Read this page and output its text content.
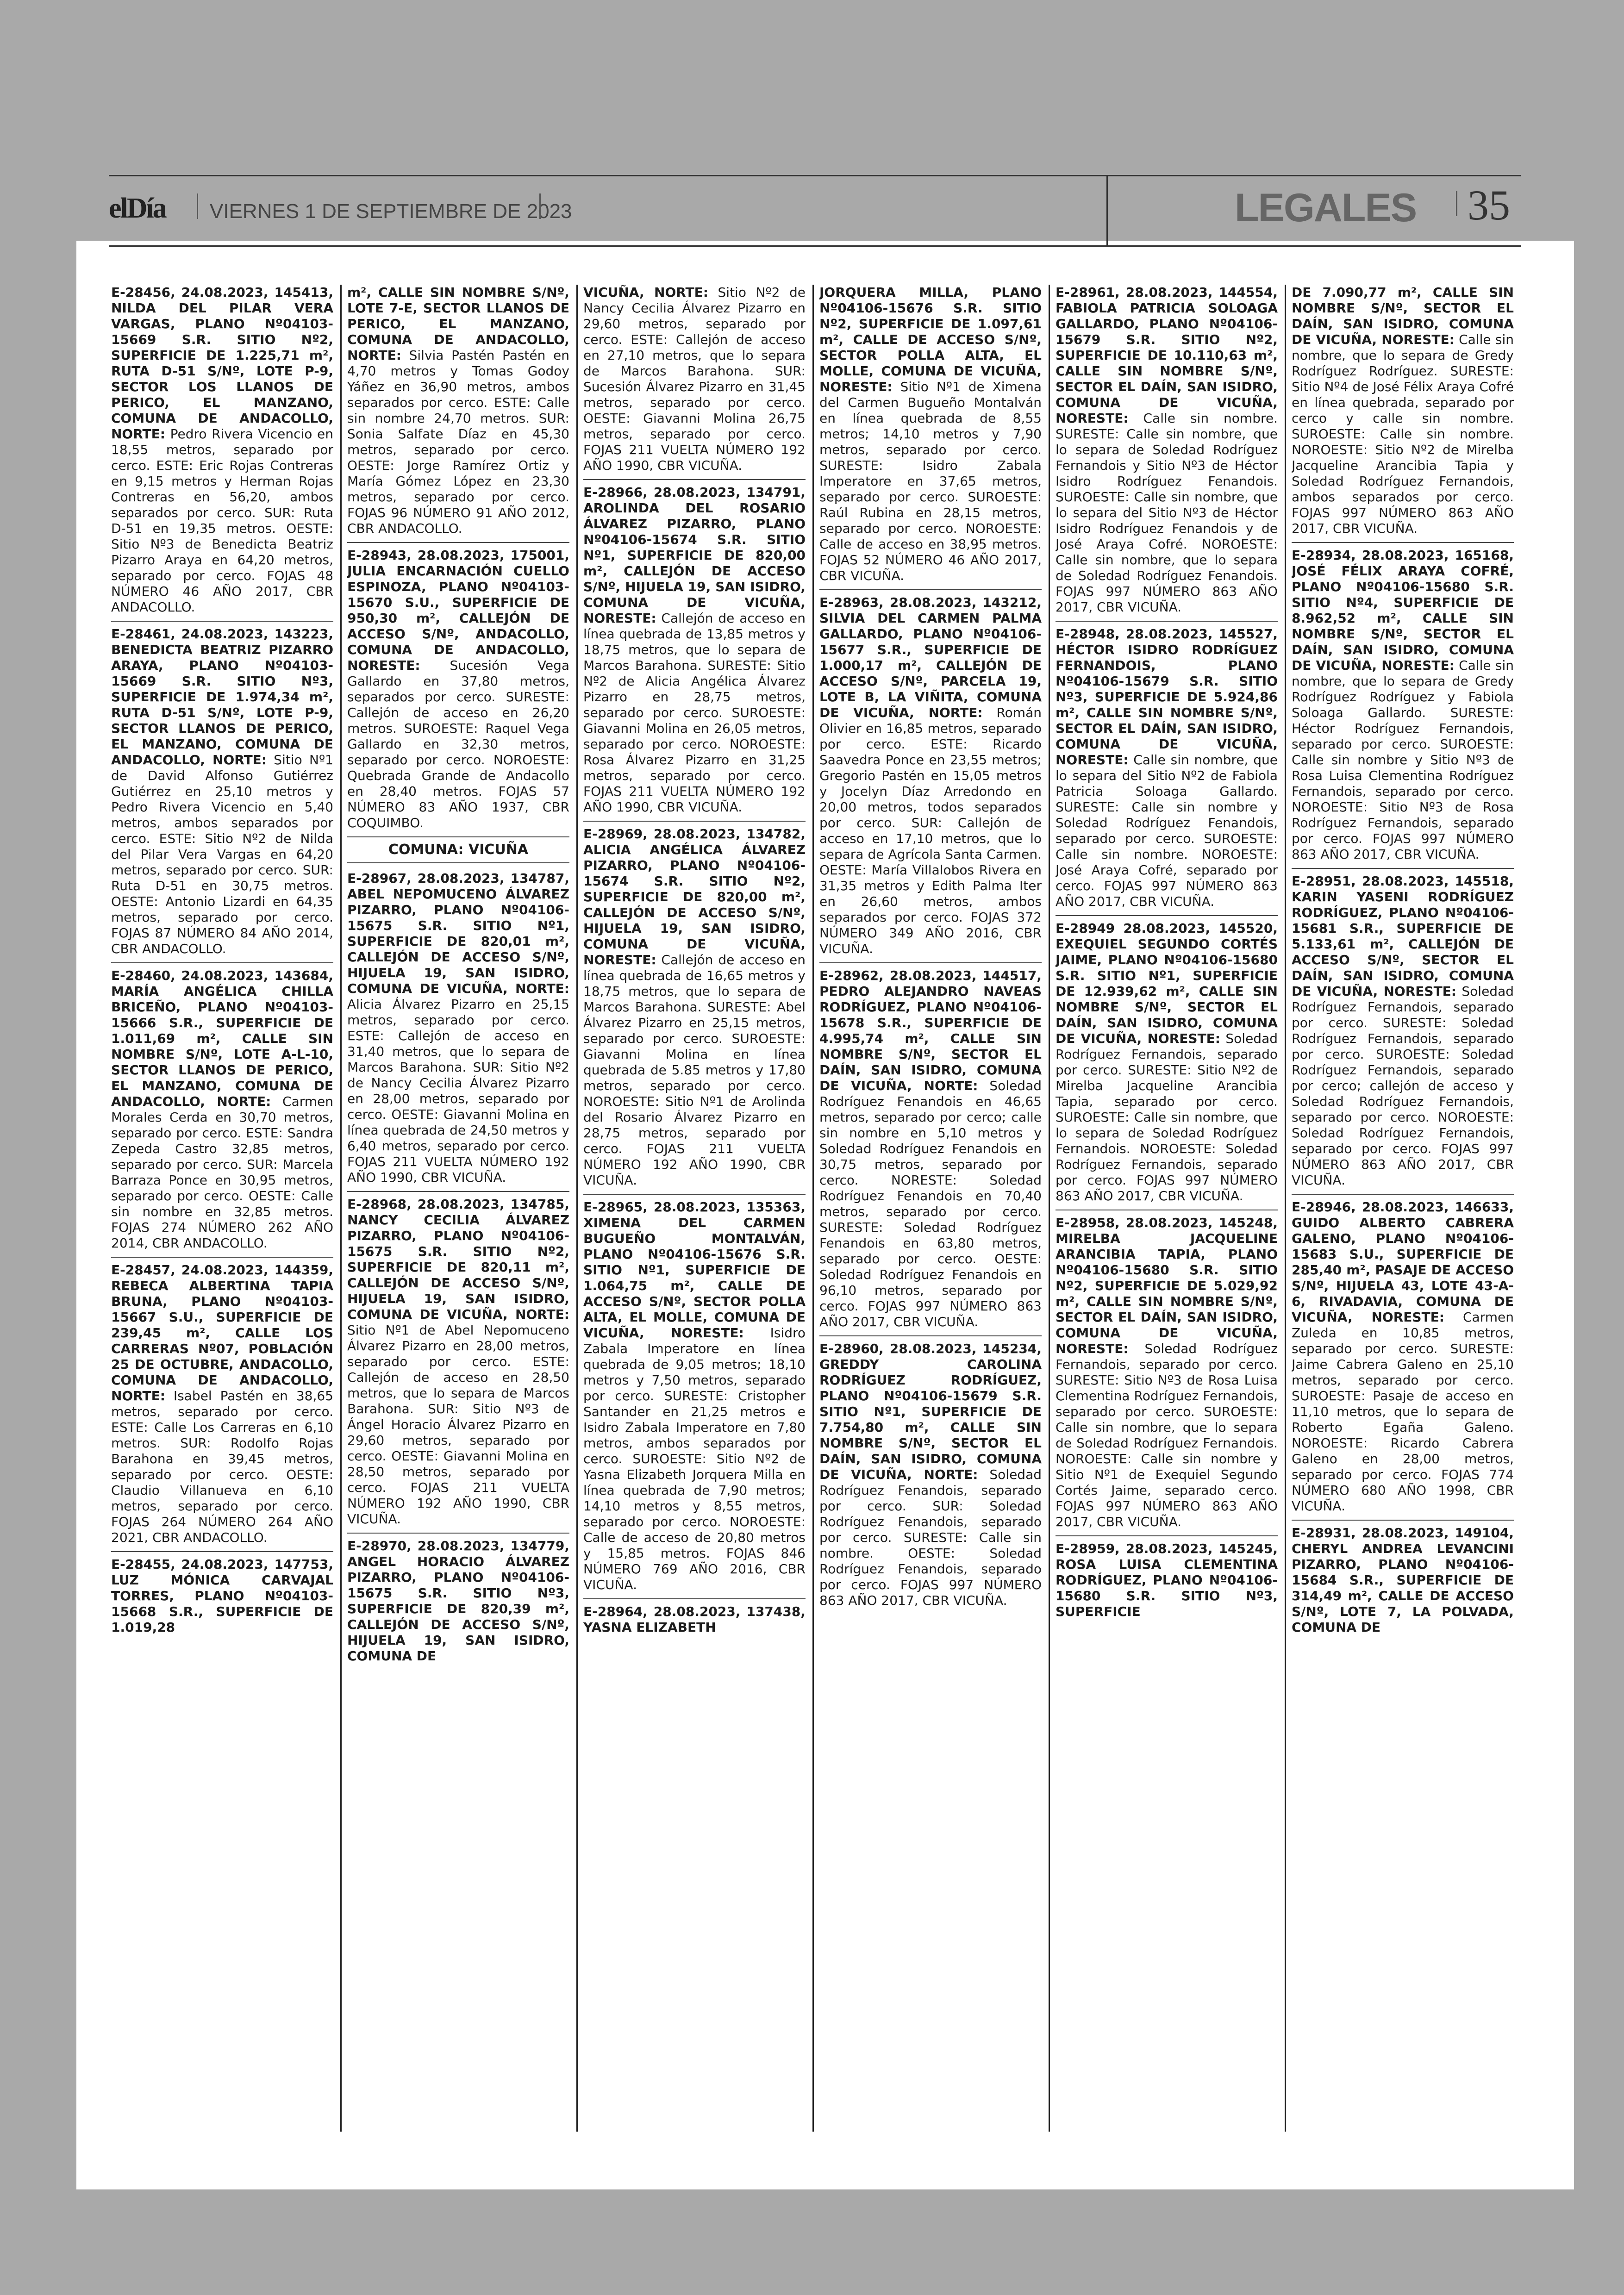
elDía VIERNES 1 DE SEPTIEMBRE DE 2023	LEGALES 35
E-28456, 24.08.2023, 145413, NILDA DEL PILAR VERA VARGAS, PLANO Nº04103-15669 S.R. SITIO Nº2, SUPERFICIE DE 1.225,71 m², RUTA D-51 S/Nº, LOTE P-9, SECTOR LOS LLANOS DE PERICO, EL MANZANO, COMUNA DE ANDACOLLO, NORTE: Pedro Rivera Vicencio en 18,55 metros, separado por cerco. ESTE: Eric Rojas Contreras en 9,15 metros y Herman Rojas Contreras en 56,20, ambos separados por cerco. SUR: Ruta D-51 en 19,35 metros. OESTE: Sitio Nº3 de Benedicta Beatriz Pizarro Araya en 64,20 metros, separado por cerco. FOJAS 48 NÚMERO 46 AÑO 2017, CBR ANDACOLLO.
E-28461, 24.08.2023, 143223, BENEDICTA BEATRIZ PIZARRO ARAYA, PLANO Nº04103-15669 S.R. SITIO Nº3, SUPERFICIE DE 1.974,34 m², RUTA D-51 S/Nº, LOTE P-9, SECTOR LLANOS DE PERICO, EL MANZANO, COMUNA DE ANDACOLLO, NORTE: Sitio Nº1 de David Alfonso Gutiérrez Gutiérrez en 25,10 metros y Pedro Rivera Vicencio en 5,40 metros, ambos separados por cerco. ESTE: Sitio Nº2 de Nilda del Pilar Vera Vargas en 64,20 metros, separado por cerco. SUR: Ruta D-51 en 30,75 metros. OESTE: Antonio Lizardi en 64,35 metros, separado por cerco. FOJAS 87 NÚMERO 84 AÑO 2014, CBR ANDACOLLO.
E-28460, 24.08.2023, 143684, MARÍA ANGÉLICA CHILLA BRICEÑO, PLANO Nº04103-15666 S.R., SUPERFICIE DE 1.011,69 m², CALLE SIN NOMBRE S/Nº, LOTE A-L-10, SECTOR LLANOS DE PERICO, EL MANZANO, COMUNA DE ANDACOLLO, NORTE: Carmen Morales Cerda en 30,70 metros, separado por cerco. ESTE: Sandra Zepeda Castro 32,85 metros, separado por cerco. SUR: Marcela Barraza Ponce en 30,95 metros, separado por cerco. OESTE: Calle sin nombre en 32,85 metros. FOJAS 274 NÚMERO 262 AÑO 2014, CBR ANDACOLLO.
E-28457, 24.08.2023, 144359, REBECA ALBERTINA TAPIA BRUNA, PLANO Nº04103-15667 S.U., SUPERFICIE DE 239,45 m², CALLE LOS CARRERAS Nº07, POBLACIÓN 25 DE OCTUBRE, ANDACOLLO, COMUNA DE ANDACOLLO, NORTE: Isabel Pastén en 38,65 metros, separado por cerco. ESTE: Calle Los Carreras en 6,10 metros. SUR: Rodolfo Rojas Barahona en 39,45 metros, separado por cerco. OESTE: Claudio Villanueva en 6,10 metros, separado por cerco. FOJAS 264 NÚMERO 264 AÑO 2021, CBR ANDACOLLO.
E-28455, 24.08.2023, 147753, LUZ MÓNICA CARVAJAL TORRES, PLANO Nº04103-15668 S.R., SUPERFICIE DE 1.019,28
m², CALLE SIN NOMBRE S/Nº, LOTE 7-E, SECTOR LLANOS DE PERICO, EL MANZANO, COMUNA DE ANDACOLLO, NORTE: Silvia Pastén Pastén en 4,70 metros y Tomas Godoy Yáñez en 36,90 metros, ambos separados por cerco. ESTE: Calle sin nombre 24,70 metros. SUR: Sonia Salfate Díaz en 45,30 metros, separado por cerco. OESTE: Jorge Ramírez Ortiz y María Gómez López en 23,30 metros, separado por cerco. FOJAS 96 NÚMERO 91 AÑO 2012, CBR ANDACOLLO.
E-28943, 28.08.2023, 175001, JULIA ENCARNACIÓN CUELLO ESPINOZA, PLANO Nº04103-15670 S.U., SUPERFICIE DE 950,30 m², CALLEJÓN DE ACCESO S/Nº, ANDACOLLO, COMUNA DE ANDACOLLO, NORESTE: Sucesión Vega Gallardo en 37,80 metros, separados por cerco. SURESTE: Callejón de acceso en 26,20 metros. SUROESTE: Raquel Vega Gallardo en 32,30 metros, separado por cerco. NOROESTE: Quebrada Grande de Andacollo en 28,40 metros. FOJAS 57 NÚMERO 83 AÑO 1937, CBR COQUIMBO.
COMUNA: VICUÑA
E-28967, 28.08.2023, 134787, ABEL NEPOMUCENO ÁLVAREZ PIZARRO, PLANO Nº04106-15675 S.R. SITIO Nº1, SUPERFICIE DE 820,01 m², CALLEJÓN DE ACCESO S/Nº, HIJUELA 19, SAN ISIDRO, COMUNA DE VICUÑA, NORTE: Alicia Álvarez Pizarro en 25,15 metros, separado por cerco. ESTE: Callejón de acceso en 31,40 metros, que lo separa de Marcos Barahona. SUR: Sitio Nº2 de Nancy Cecilia Álvarez Pizarro en 28,00 metros, separado por cerco. OESTE: Giavanni Molina en línea quebrada de 24,50 metros y 6,40 metros, separado por cerco. FOJAS 211 VUELTA NÚMERO 192 AÑO 1990, CBR VICUÑA.
E-28968, 28.08.2023, 134785, NANCY CECILIA ÁLVAREZ PIZARRO, PLANO Nº04106-15675 S.R. SITIO Nº2, SUPERFICIE DE 820,11 m², CALLEJÓN DE ACCESO S/Nº, HIJUELA 19, SAN ISIDRO, COMUNA DE VICUÑA, NORTE: Sitio Nº1 de Abel Nepomuceno Álvarez Pizarro en 28,00 metros, separado por cerco. ESTE: Callejón de acceso en 28,50 metros, que lo separa de Marcos Barahona. SUR: Sitio Nº3 de Ángel Horacio Álvarez Pizarro en 29,60 metros, separado por cerco. OESTE: Giavanni Molina en 28,50 metros, separado por cerco. FOJAS 211 VUELTA NÚMERO 192 AÑO 1990, CBR VICUÑA.
E-28970, 28.08.2023, 134779, ANGEL HORACIO ÁLVAREZ PIZARRO, PLANO Nº04106-15675 S.R. SITIO Nº3, SUPERFICIE DE 820,39 m², CALLEJÓN DE ACCESO S/Nº, HIJUELA 19, SAN ISIDRO, COMUNA DE
VICUÑA, NORTE: Sitio Nº2 de Nancy Cecilia Álvarez Pizarro en 29,60 metros, separado por cerco. ESTE: Callejón de acceso en 27,10 metros, que lo separa de Marcos Barahona. SUR: Sucesión Álvarez Pizarro en 31,45 metros, separado por cerco. OESTE: Giavanni Molina 26,75 metros, separado por cerco. FOJAS 211 VUELTA NÚMERO 192 AÑO 1990, CBR VICUÑA.
E-28966, 28.08.2023, 134791, AROLINDA DEL ROSARIO ÁLVAREZ PIZARRO, PLANO Nº04106-15674 S.R. SITIO Nº1, SUPERFICIE DE 820,00 m², CALLEJÓN DE ACCESO S/Nº, HIJUELA 19, SAN ISIDRO, COMUNA DE VICUÑA, NORESTE: Callejón de acceso en línea quebrada de 13,85 metros y 18,75 metros, que lo separa de Marcos Barahona. SURESTE: Sitio Nº2 de Alicia Angélica Álvarez Pizarro en 28,75 metros, separado por cerco. SUROESTE: Giavanni Molina en 26,05 metros, separado por cerco. NOROESTE: Rosa Álvarez Pizarro en 31,25 metros, separado por cerco. FOJAS 211 VUELTA NÚMERO 192 AÑO 1990, CBR VICUÑA.
E-28969, 28.08.2023, 134782, ALICIA ANGÉLICA ÁLVAREZ PIZARRO, PLANO Nº04106-15674 S.R. SITIO Nº2, SUPERFICIE DE 820,00 m², CALLEJÓN DE ACCESO S/Nº, HIJUELA 19, SAN ISIDRO, COMUNA DE VICUÑA, NORESTE: Callejón de acceso en línea quebrada de 16,65 metros y 18,75 metros, que lo separa de Marcos Barahona. SURESTE: Abel Álvarez Pizarro en 25,15 metros, separado por cerco. SUROESTE: Giavanni Molina en línea quebrada de 5.85 metros y 17,80 metros, separado por cerco. NOROESTE: Sitio Nº1 de Arolinda del Rosario Álvarez Pizarro en 28,75 metros, separado por cerco. FOJAS 211 VUELTA NÚMERO 192 AÑO 1990, CBR VICUÑA.
E-28965, 28.08.2023, 135363, XIMENA DEL CARMEN BUGUEÑO MONTALVÁN, PLANO Nº04106-15676 S.R. SITIO Nº1, SUPERFICIE DE 1.064,75 m², CALLE DE ACCESO S/Nº, SECTOR POLLA ALTA, EL MOLLE, COMUNA DE VICUÑA, NORESTE: Isidro Zabala Imperatore en línea quebrada de 9,05 metros; 18,10 metros y 7,50 metros, separado por cerco. SURESTE: Cristopher Santander en 21,25 metros e Isidro Zabala Imperatore en 7,80 metros, ambos separados por cerco. SUROESTE: Sitio Nº2 de Yasna Elizabeth Jorquera Milla en línea quebrada de 7,90 metros; 14,10 metros y 8,55 metros, separado por cerco. NOROESTE: Calle de acceso de 20,80 metros y 15,85 metros. FOJAS 846 NÚMERO 769 AÑO 2016, CBR VICUÑA.
E-28964, 28.08.2023, 137438, YASNA ELIZABETH
JORQUERA MILLA, PLANO Nº04106-15676 S.R. SITIO Nº2, SUPERFICIE DE 1.097,61 m², CALLE DE ACCESO S/Nº, SECTOR POLLA ALTA, EL MOLLE, COMUNA DE VICUÑA, NORESTE: Sitio Nº1 de Ximena del Carmen Bugueño Montalván en línea quebrada de 8,55 metros; 14,10 metros y 7,90 metros, separado por cerco. SURESTE: Isidro Zabala Imperatore en 37,65 metros, separado por cerco. SUROESTE: Raúl Rubina en 28,15 metros, separado por cerco. NOROESTE: Calle de acceso en 38,95 metros. FOJAS 52 NÚMERO 46 AÑO 2017, CBR VICUÑA.
E-28963, 28.08.2023, 143212, SILVIA DEL CARMEN PALMA GALLARDO, PLANO Nº04106-15677 S.R., SUPERFICIE DE 1.000,17 m², CALLEJÓN DE ACCESO S/Nº, PARCELA 19, LOTE B, LA VIÑITA, COMUNA DE VICUÑA, NORTE: Román Olivier en 16,85 metros, separado por cerco. ESTE: Ricardo Saavedra Ponce en 23,55 metros; Gregorio Pastén en 15,05 metros y Jocelyn Díaz Arredondo en 20,00 metros, todos separados por cerco. SUR: Callejón de acceso en 17,10 metros, que lo separa de Agrícola Santa Carmen. OESTE: María Villalobos Rivera en 31,35 metros y Edith Palma Iter en 26,60 metros, ambos separados por cerco. FOJAS 372 NÚMERO 349 AÑO 2016, CBR VICUÑA.
E-28962, 28.08.2023, 144517, PEDRO ALEJANDRO NAVEAS RODRÍGUEZ, PLANO Nº04106-15678 S.R., SUPERFICIE DE 4.995,74 m², CALLE SIN NOMBRE S/Nº, SECTOR EL DAÍN, SAN ISIDRO, COMUNA DE VICUÑA, NORTE: Soledad Rodríguez Fenandois en 46,65 metros, separado por cerco; calle sin nombre en 5,10 metros y Soledad Rodríguez Fenandois en 30,75 metros, separado por cerco. NORESTE: Soledad Rodríguez Fenandois en 70,40 metros, separado por cerco. SURESTE: Soledad Rodríguez Fenandois en 63,80 metros, separado por cerco. OESTE: Soledad Rodríguez Fenandois en 96,10 metros, separado por cerco. FOJAS 997 NÚMERO 863 AÑO 2017, CBR VICUÑA.
E-28960, 28.08.2023, 145234, GREDDY CAROLINA RODRÍGUEZ RODRÍGUEZ, PLANO Nº04106-15679 S.R. SITIO Nº1, SUPERFICIE DE 7.754,80 m², CALLE SIN NOMBRE S/Nº, SECTOR EL DAÍN, SAN ISIDRO, COMUNA DE VICUÑA, NORTE: Soledad Rodríguez Fenandois, separado por cerco. SUR: Soledad Rodríguez Fenandois, separado por cerco. SURESTE: Calle sin nombre. OESTE: Soledad Rodríguez Fenandois, separado por cerco. FOJAS 997 NÚMERO 863 AÑO 2017, CBR VICUÑA.
E-28961, 28.08.2023, 144554, FABIOLA PATRICIA SOLOAGA GALLARDO, PLANO Nº04106-15679 S.R. SITIO Nº2, SUPERFICIE DE 10.110,63 m², CALLE SIN NOMBRE S/Nº, SECTOR EL DAÍN, SAN ISIDRO, COMUNA DE VICUÑA, NORESTE: Calle sin nombre. SURESTE: Calle sin nombre, que lo separa de Soledad Rodríguez Fernandois y Sitio Nº3 de Héctor Isidro Rodríguez Fenandois. SUROESTE: Calle sin nombre, que lo separa del Sitio Nº3 de Héctor Isidro Rodríguez Fenandois y de José Araya Cofré. NOROESTE: Calle sin nombre, que lo separa de Soledad Rodríguez Fenandois. FOJAS 997 NÚMERO 863 AÑO 2017, CBR VICUÑA.
E-28948, 28.08.2023, 145527, HÉCTOR ISIDRO RODRÍGUEZ FERNANDOIS, PLANO Nº04106-15679 S.R. SITIO Nº3, SUPERFICIE DE 5.924,86 m², CALLE SIN NOMBRE S/Nº, SECTOR EL DAÍN, SAN ISIDRO, COMUNA DE VICUÑA, NORESTE: Calle sin nombre, que lo separa del Sitio Nº2 de Fabiola Patricia Soloaga Gallardo. SURESTE: Calle sin nombre y Soledad Rodríguez Fenandois, separado por cerco. SUROESTE: Calle sin nombre. NOROESTE: José Araya Cofré, separado por cerco. FOJAS 997 NÚMERO 863 AÑO 2017, CBR VICUÑA.
E-28949 28.08.2023, 145520, EXEQUIEL SEGUNDO CORTÉS JAIME, PLANO Nº04106-15680 S.R. SITIO Nº1, SUPERFICIE DE 12.939,62 m², CALLE SIN NOMBRE S/Nº, SECTOR EL DAÍN, SAN ISIDRO, COMUNA DE VICUÑA, NORESTE: Soledad Rodríguez Fernandois, separado por cerco. SURESTE: Sitio Nº2 de Mirelba Jacqueline Arancibia Tapia, separado por cerco. SUROESTE: Calle sin nombre, que lo separa de Soledad Rodríguez Fernandois. NOROESTE: Soledad Rodríguez Fernandois, separado por cerco. FOJAS 997 NÚMERO 863 AÑO 2017, CBR VICUÑA.
E-28958, 28.08.2023, 145248, MIRELBA JACQUELINE ARANCIBIA TAPIA, PLANO Nº04106-15680 S.R. SITIO Nº2, SUPERFICIE DE 5.029,92 m², CALLE SIN NOMBRE S/Nº, SECTOR EL DAÍN, SAN ISIDRO, COMUNA DE VICUÑA, NORESTE: Soledad Rodríguez Fernandois, separado por cerco. SURESTE: Sitio Nº3 de Rosa Luisa Clementina Rodríguez Fernandois, separado por cerco. SUROESTE: Calle sin nombre, que lo separa de Soledad Rodríguez Fernandois. NOROESTE: Calle sin nombre y Sitio Nº1 de Exequiel Segundo Cortés Jaime, separado cerco. FOJAS 997 NÚMERO 863 AÑO 2017, CBR VICUÑA.
E-28959, 28.08.2023, 145245, ROSA LUISA CLEMENTINA RODRÍGUEZ, PLANO Nº04106-15680 S.R. SITIO Nº3, SUPERFICIE
DE 7.090,77 m², CALLE SIN NOMBRE S/Nº, SECTOR EL DAÍN, SAN ISIDRO, COMUNA DE VICUÑA, NORESTE: Calle sin nombre, que lo separa de Gredy Rodríguez Rodríguez. SURESTE: Sitio Nº4 de José Félix Araya Cofré en línea quebrada, separado por cerco y calle sin nombre. SUROESTE: Calle sin nombre. NOROESTE: Sitio Nº2 de Mirelba Jacqueline Arancibia Tapia y Soledad Rodríguez Fernandois, ambos separados por cerco. FOJAS 997 NÚMERO 863 AÑO 2017, CBR VICUÑA.
E-28934, 28.08.2023, 165168, JOSÉ FÉLIX ARAYA COFRÉ, PLANO Nº04106-15680 S.R. SITIO Nº4, SUPERFICIE DE 8.962,52 m², CALLE SIN NOMBRE S/Nº, SECTOR EL DAÍN, SAN ISIDRO, COMUNA DE VICUÑA, NORESTE: Calle sin nombre, que lo separa de Gredy Rodríguez Rodríguez y Fabiola Soloaga Gallardo. SURESTE: Héctor Rodríguez Fernandois, separado por cerco. SUROESTE: Calle sin nombre y Sitio Nº3 de Rosa Luisa Clementina Rodríguez Fernandois, separado por cerco. NOROESTE: Sitio Nº3 de Rosa Rodríguez Fernandois, separado por cerco. FOJAS 997 NÚMERO 863 AÑO 2017, CBR VICUÑA.
E-28951, 28.08.2023, 145518, KARIN YASENI RODRÍGUEZ RODRÍGUEZ, PLANO Nº04106-15681 S.R., SUPERFICIE DE 5.133,61 m², CALLEJÓN DE ACCESO S/Nº, SECTOR EL DAÍN, SAN ISIDRO, COMUNA DE VICUÑA, NORESTE: Soledad Rodríguez Fernandois, separado por cerco. SURESTE: Soledad Rodríguez Fernandois, separado por cerco. SUROESTE: Soledad Rodríguez Fernandois, separado por cerco; callejón de acceso y Soledad Rodríguez Fernandois, separado por cerco. NOROESTE: Soledad Rodríguez Fernandois, separado por cerco. FOJAS 997 NÚMERO 863 AÑO 2017, CBR VICUÑA.
E-28946, 28.08.2023, 146633, GUIDO ALBERTO CABRERA GALENO, PLANO Nº04106-15683 S.U., SUPERFICIE DE 285,40 m², PASAJE DE ACCESO S/Nº, HIJUELA 43, LOTE 43-A-6, RIVADAVIA, COMUNA DE VICUÑA, NORESTE: Carmen Zuleda en 10,85 metros, separado por cerco. SURESTE: Jaime Cabrera Galeno en 25,10 metros, separado por cerco. SUROESTE: Pasaje de acceso en 11,10 metros, que lo separa de Roberto Egaña Galeno. NOROESTE: Ricardo Cabrera Galeno en 28,00 metros, separado por cerco. FOJAS 774 NÚMERO 680 AÑO 1998, CBR VICUÑA.
E-28931, 28.08.2023, 149104, CHERYL ANDREA LEVANCINI PIZARRO, PLANO Nº04106-15684 S.R., SUPERFICIE DE 314,49 m², CALLE DE ACCESO S/Nº, LOTE 7, LA POLVADA, COMUNA DE
